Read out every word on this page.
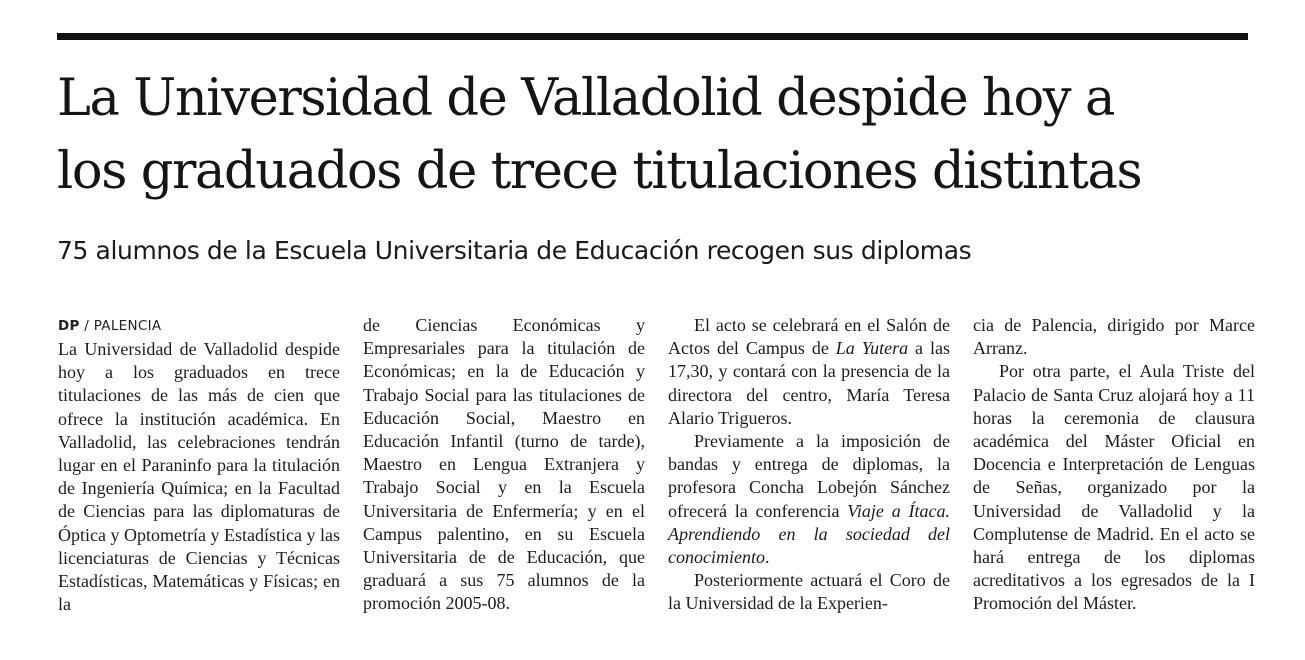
La Universidad de Valladolid despide hoy a
los graduados de trece titulaciones distintas
75 alumnos de la Escuela Universitaria de Educación recogen sus diplomas
DP / PALENCIA

La Universidad de Valladolid despide hoy a los graduados en trece titulaciones de las más de cien que ofrece la institución académica. En Valladolid, las celebraciones tendrán lugar en el Paraninfo para la titulación de Ingeniería Química; en la Facultad de Ciencias para las diplomaturas de Óptica y Optometría y Estadística y las licenciaturas de Ciencias y Técnicas Estadísticas, Matemáticas y Físicas; en la

de Ciencias Económicas y Empresariales para la titulación de Económicas; en la de Educación y Trabajo Social para las titulaciones de Educación Social, Maestro en Educación Infantil (turno de tarde), Maestro en Lengua Extranjera y Trabajo Social y en la Escuela Universitaria de Enfermería; y en el Campus palentino, en su Escuela Universitaria de de Educación, que graduará a sus 75 alumnos de la promoción 2005-08.

El acto se celebrará en el Salón de Actos del Campus de La Yutera a las 17,30, y contará con la presencia de la directora del centro, María Teresa Alario Trigueros.

Previamente a la imposición de bandas y entrega de diplomas, la profesora Concha Lobejón Sánchez ofrecerá la conferencia Viaje a Ítaca. Aprendiendo en la sociedad del conocimiento.

Posteriormente actuará el Coro de la Universidad de la Experien-

cia de Palencia, dirigido por Marce Arranz.

Por otra parte, el Aula Triste del Palacio de Santa Cruz alojará hoy a 11 horas la ceremonia de clausura académica del Máster Oficial en Docencia e Interpretación de Lenguas de Señas, organizado por la Universidad de Valladolid y la Complutense de Madrid. En el acto se hará entrega de los diplomas acreditativos a los egresados de la I Promoción del Máster.
